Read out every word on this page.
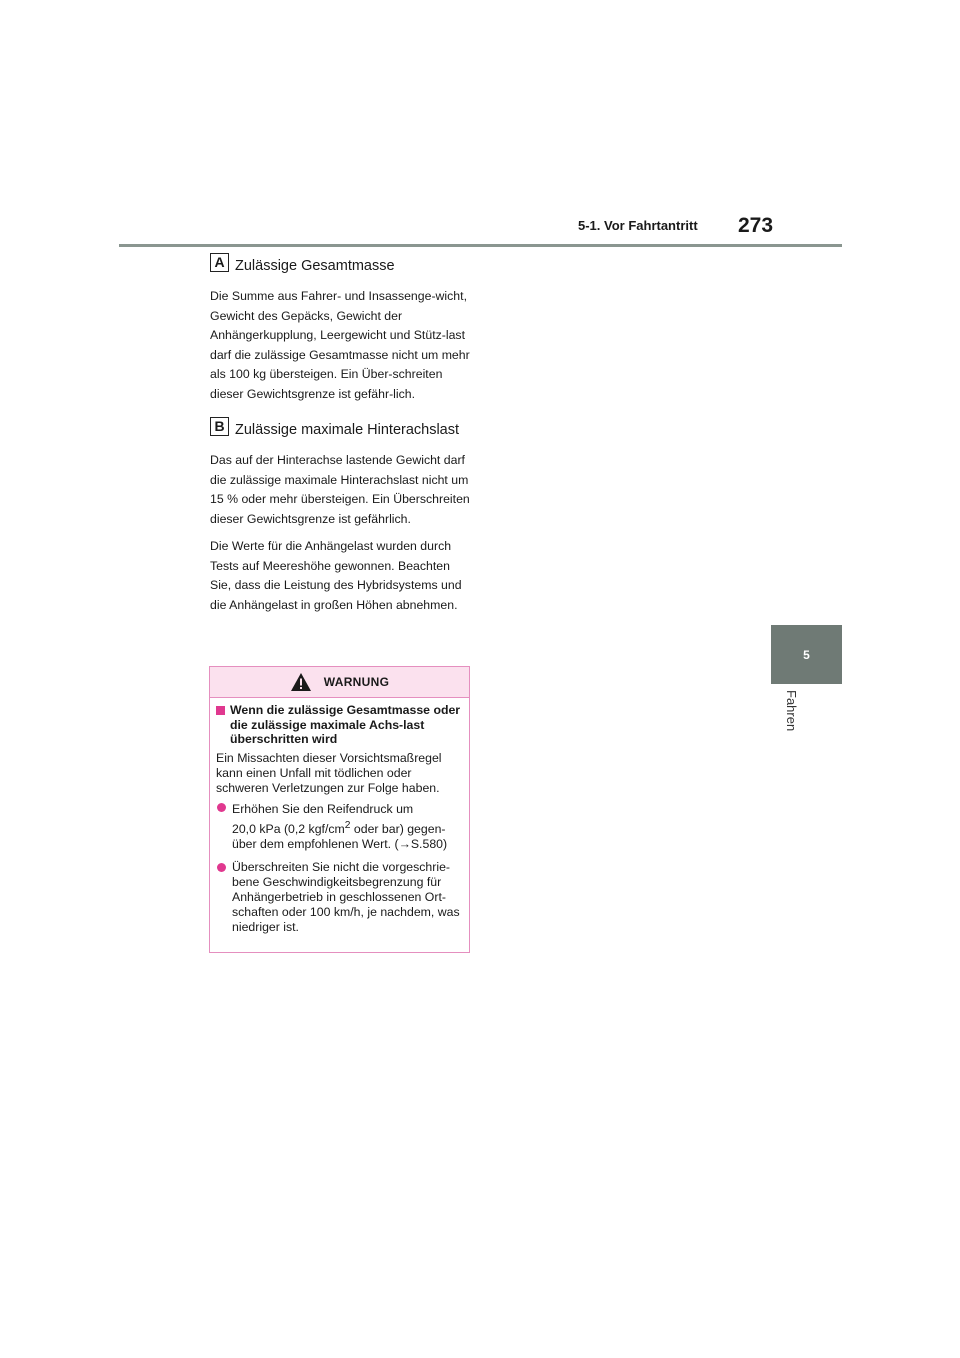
5-1. Vor Fahrtantritt 273
5
Fahren
A Zulässige Gesamtmasse

Die Summe aus Fahrer- und Insassenge-wicht, Gewicht des Gepäcks, Gewicht der Anhängerkupplung, Leergewicht und Stütz-last darf die zulässige Gesamtmasse nicht um mehr als 100 kg übersteigen. Ein Über-schreiten dieser Gewichtsgrenze ist gefähr-lich.

B Zulässige maximale Hinterachslast

Das auf der Hinterachse lastende Gewicht darf die zulässige maximale Hinterachslast nicht um 15 % oder mehr übersteigen. Ein Überschreiten dieser Gewichtsgrenze ist gefährlich.

Die Werte für die Anhängelast wurden durch Tests auf Meereshöhe gewonnen. Beachten Sie, dass die Leistung des Hybridsystems und die Anhängelast in großen Höhen abnehmen.

WARNUNG
Wenn die zulässige Gesamtmasse oder die zulässige maximale Achs-last überschritten wird
Ein Missachten dieser Vorsichtsmaßregel kann einen Unfall mit tödlichen oder schweren Verletzungen zur Folge haben.
Erhöhen Sie den Reifendruck um
20,0 kPa (0,2 kgf/$cm^2$ oder bar) gegen-über dem empfohlenen Wert. (→S.580)
Überschreiten Sie nicht die vorgeschrie-bene Geschwindigkeitsbegrenzung für Anhängerbetrieb in geschlossenen Ort-schaften oder 100 km/h, je nachdem, was niedriger ist.
